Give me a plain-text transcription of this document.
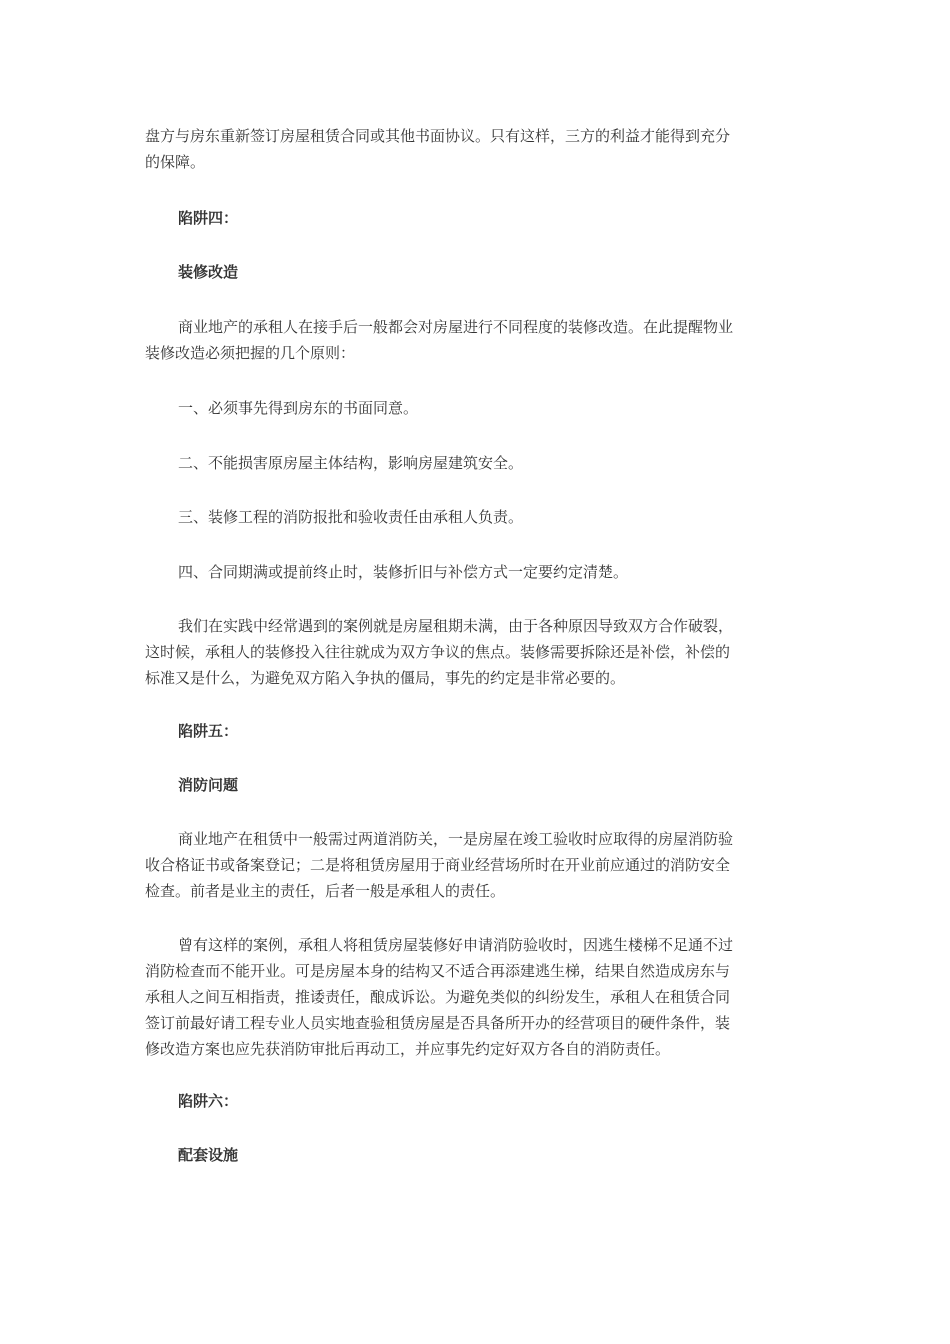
盘方与房东重新签订房屋租赁合同或其他书面协议。只有这样，三方的利益才能得到充分
的保障。
陷阱四：
装修改造
商业地产的承租人在接手后一般都会对房屋进行不同程度的装修改造。在此提醒物业
装修改造必须把握的几个原则：
一、必须事先得到房东的书面同意。
二、不能损害原房屋主体结构，影响房屋建筑安全。
三、装修工程的消防报批和验收责任由承租人负责。
四、合同期满或提前终止时，装修折旧与补偿方式一定要约定清楚。
我们在实践中经常遇到的案例就是房屋租期未满，由于各种原因导致双方合作破裂，
这时候，承租人的装修投入往往就成为双方争议的焦点。装修需要拆除还是补偿，补偿的
标准又是什么，为避免双方陷入争执的僵局，事先的约定是非常必要的。
陷阱五：
消防问题
商业地产在租赁中一般需过两道消防关，一是房屋在竣工验收时应取得的房屋消防验
收合格证书或备案登记；二是将租赁房屋用于商业经营场所时在开业前应通过的消防安全
检查。前者是业主的责任，后者一般是承租人的责任。
曾有这样的案例，承租人将租赁房屋装修好申请消防验收时，因逃生楼梯不足通不过
消防检查而不能开业。可是房屋本身的结构又不适合再添建逃生梯，结果自然造成房东与
承租人之间互相指责，推诿责任，酿成诉讼。为避免类似的纠纷发生，承租人在租赁合同
签订前最好请工程专业人员实地查验租赁房屋是否具备所开办的经营项目的硬件条件，装
修改造方案也应先获消防审批后再动工，并应事先约定好双方各自的消防责任。
陷阱六：
配套设施
